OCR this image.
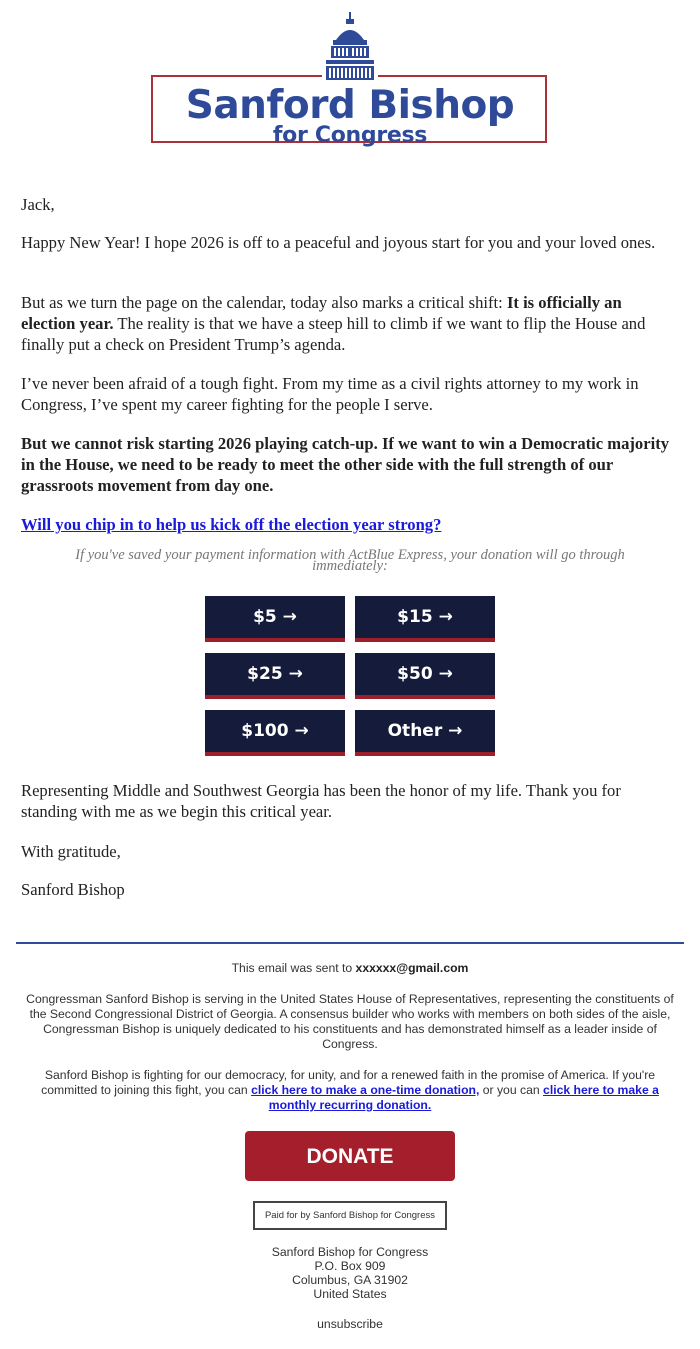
Sanford Bishop
for Congress

Jack,

Happy New Year! I hope 2026 is off to a peaceful and joyous start for you and your loved ones.

But as we turn the page on the calendar, today also marks a critical shift: It is officially an election year. The reality is that we have a steep hill to climb if we want to flip the House and finally put a check on President Trump’s agenda.

I’ve never been afraid of a tough fight. From my time as a civil rights attorney to my work in Congress, I’ve spent my career fighting for the people I serve.

But we cannot risk starting 2026 playing catch-up. If we want to win a Democratic majority in the House, we need to be ready to meet the other side with the full strength of our grassroots movement from day one.

Will you chip in to help us kick off the election year strong?

If you've saved your payment information with ActBlue Express, your donation will go through immediately:

$5 →	$15 →
$25 →	$50 →
$100 →	Other →

Representing Middle and Southwest Georgia has been the honor of my life. Thank you for standing with me as we begin this critical year.

With gratitude,

Sanford Bishop

This email was sent to xxxxxx@gmail.com
Congressman Sanford Bishop is serving in the United States House of Representatives, representing the constituents of the Second Congressional District of Georgia. A consensus builder who works with members on both sides of the aisle, Congressman Bishop is uniquely dedicated to his constituents and has demonstrated himself as a leader inside of Congress.
Sanford Bishop is fighting for our democracy, for unity, and for a renewed faith in the promise of America. If you're committed to joining this fight, you can click here to make a one-time donation, or you can click here to make a monthly recurring donation.
DONATE
Paid for by Sanford Bishop for Congress
Sanford Bishop for Congress
P.O. Box 909
Columbus, GA 31902
United States
unsubscribe
